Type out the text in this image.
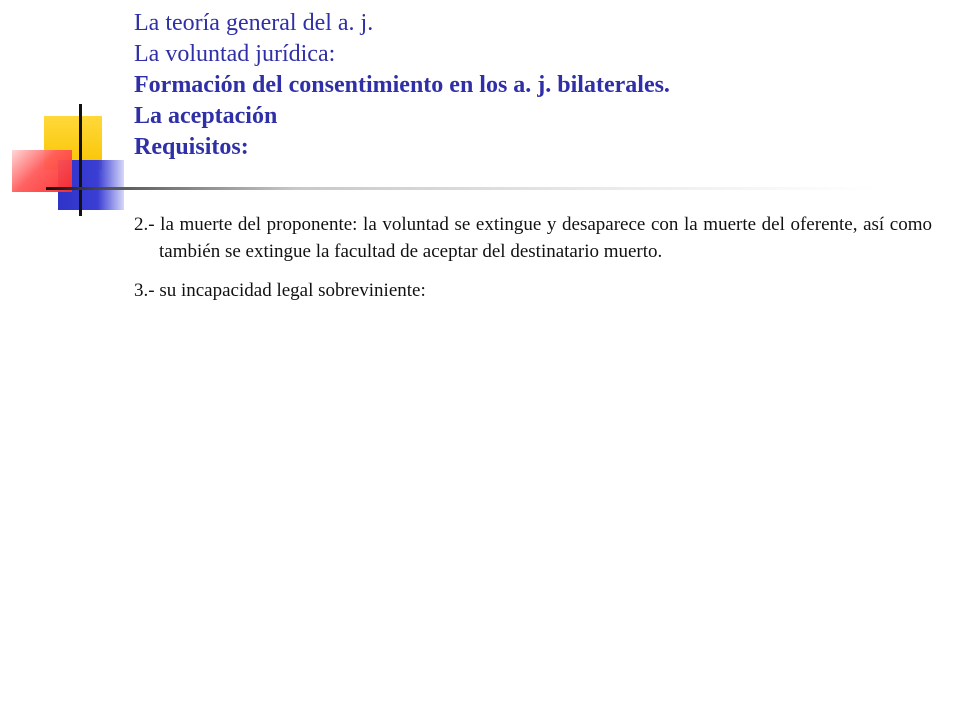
La teoría general del a. j.
La voluntad jurídica:
Formación del consentimiento en los a. j. bilaterales.
La aceptación
Requisitos:

2.- la muerte del proponente: la voluntad se extingue y desaparece con la muerte del oferente, así como también se extingue la facultad de aceptar del destinatario muerto.

3.- su incapacidad legal sobreviniente:
